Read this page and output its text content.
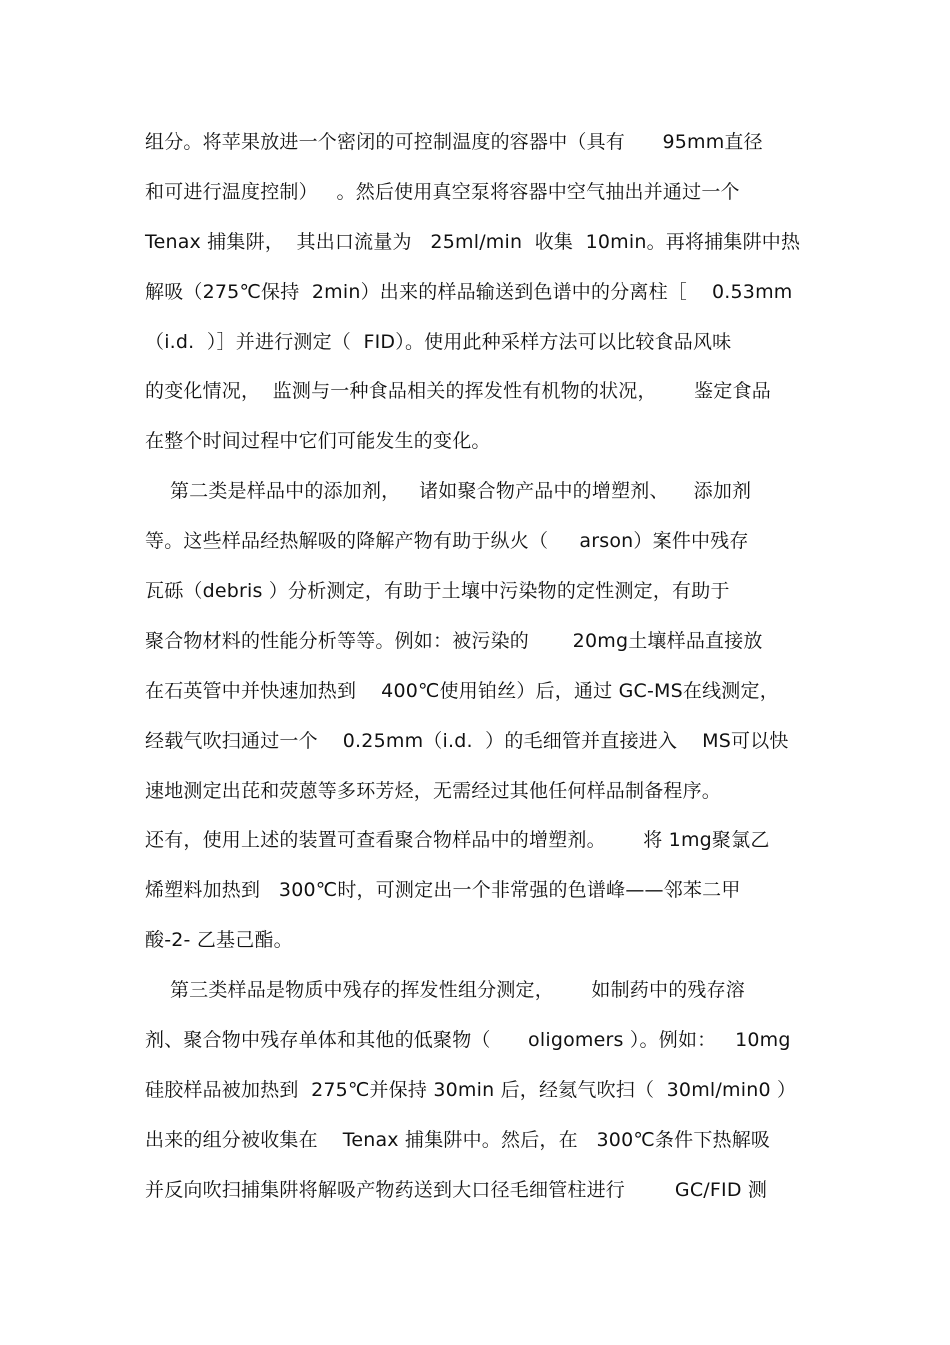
组分。将苹果放进一个密闭的可控制温度的容器中（具有      95mm直径
和可进行温度控制）   。然后使用真空泵将容器中空气抽出并通过一个
Tenax 捕集阱，  其出口流量为   25ml/min  收集  10min。再将捕集阱中热
解吸（275℃保持  2min）出来的样品输送到色谱中的分离柱［    0.53mm
（i.d.  ）］并进行测定（  FID）。使用此种采样方法可以比较食品风味
的变化情况，  监测与一种食品相关的挥发性有机物的状况，      鉴定食品
在整个时间过程中它们可能发生的变化。
第二类是样品中的添加剂，   诸如聚合物产品中的增塑剂、    添加剂
等。这些样品经热解吸的降解产物有助于纵火（     arson）案件中残存
瓦砾（debris ）分析测定，有助于土壤中污染物的定性测定，有助于
聚合物材料的性能分析等等。例如：被污染的       20mg土壤样品直接放
在石英管中并快速加热到    400℃使用铂丝）后，通过 GC-MS在线测定，
经载气吹扫通过一个    0.25mm（i.d.  ）的毛细管并直接进入    MS可以快
速地测定出芘和荧蒽等多环芳烃，无需经过其他任何样品制备程序。
还有，使用上述的装置可查看聚合物样品中的增塑剂。      将 1mg聚氯乙
烯塑料加热到   300℃时，可测定出一个非常强的色谱峰——邻苯二甲
酸-2- 乙基己酯。
第三类样品是物质中残存的挥发性组分测定，      如制药中的残存溶
剂、聚合物中残存单体和其他的低聚物（      oligomers ）。例如：   10mg
硅胶样品被加热到  275℃并保持 30min 后，经氦气吹扫（  30ml/min0 ）
出来的组分被收集在    Tenax 捕集阱中。然后，在   300℃条件下热解吸
并反向吹扫捕集阱将解吸产物药送到大口径毛细管柱进行        GC/FID 测
